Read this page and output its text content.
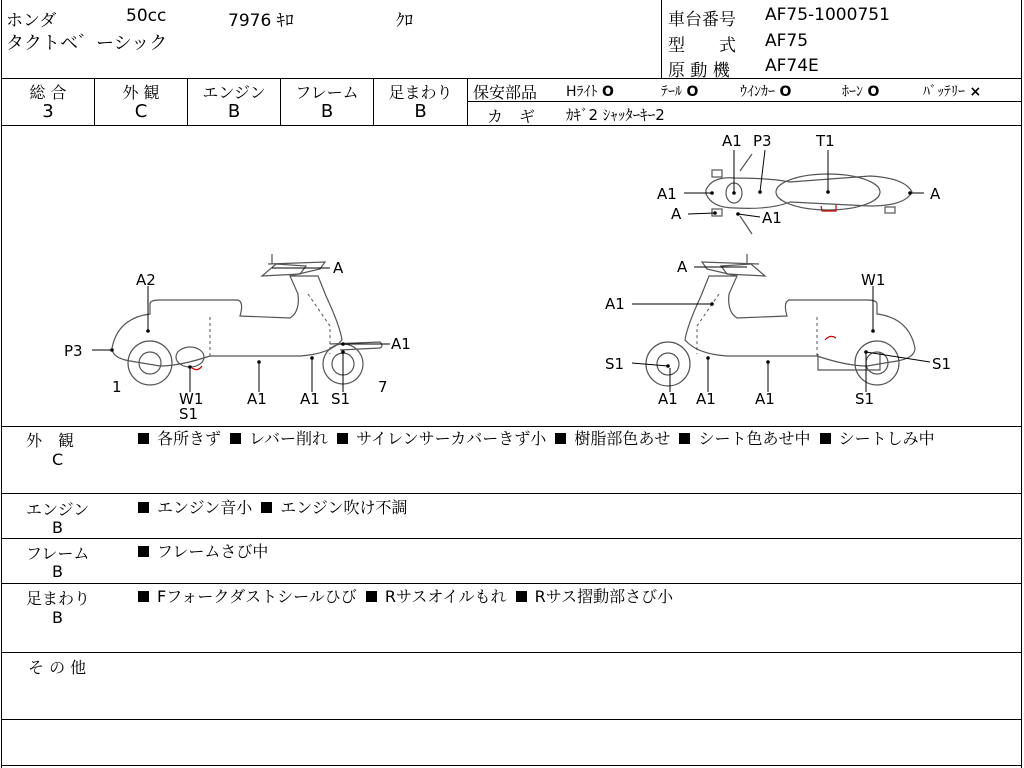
ホンダ	50cc	7976 ｷﾛ	ｸﾛ
タクトベ゛ーシック
車台番号 AF75-1000751
型　　式 AF75
原 動 機 AF74E
総 合
3
外 観
C
エンジン
B
フレーム
B
足まわり
B
保安部品 Hﾗｲﾄ O	ﾃｰﾙ O	ｳｲﾝｶｰ O	ﾎｰﾝ O	ﾊﾞｯﾃﾘｰ ×
カ　ギ ｶｷﾞ2 ｼｬｯﾀｰｷｰ2
A1 P3	T1
A1	A
A	A1
A
A2
P3	A1
1
W1
S1
A1 A1 S1
7
A
W1
A1
S1	S1
A1 A1	A1	S1
外　観
C
各所きず レバー削れ サイレンサーカバーきず小 樹脂部色あせ シート色あせ中 シートしみ中
エンジン
B
エンジン音小 エンジン吹け不調
フレーム
B
フレームさび中
足まわり
B
Fフォークダストシールひび Rサスオイルもれ Rサス摺動部さび小
そ の 他
